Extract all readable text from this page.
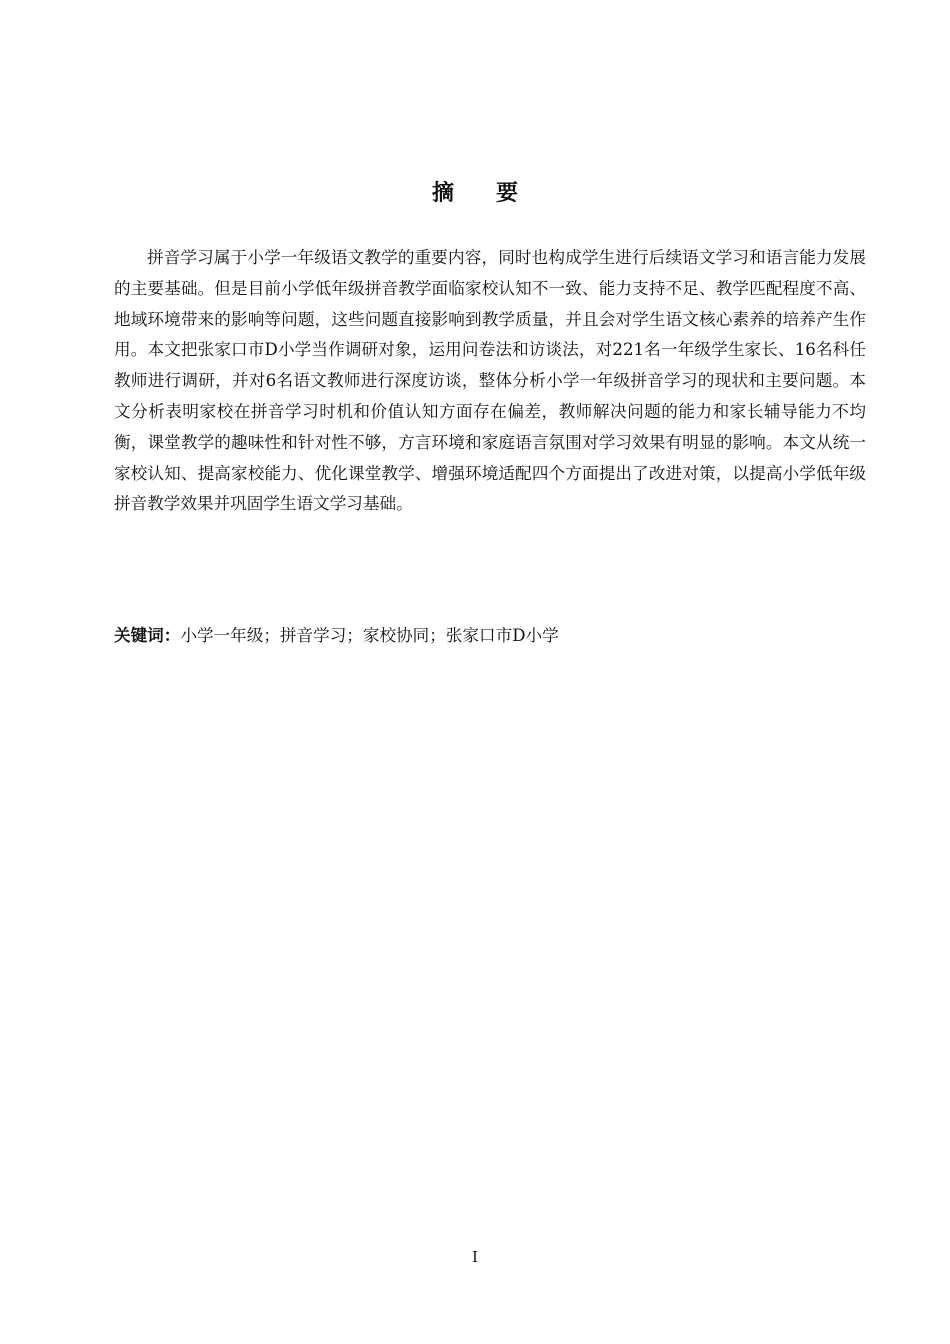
摘 要

拼音学习属于小学一年级语文教学的重要内容，同时也构成学生进行后续语文学习和语言能力发展的主要基础。但是目前小学低年级拼音教学面临家校认知不一致、能力支持不足、教学匹配程度不高、地域环境带来的影响等问题，这些问题直接影响到教学质量，并且会对学生语文核心素养的培养产生作用。本文把张家口市D小学当作调研对象，运用问卷法和访谈法，对221名一年级学生家长、16名科任教师进行调研，并对6名语文教师进行深度访谈，整体分析小学一年级拼音学习的现状和主要问题。本文分析表明家校在拼音学习时机和价值认知方面存在偏差，教师解决问题的能力和家长辅导能力不均衡，课堂教学的趣味性和针对性不够，方言环境和家庭语言氛围对学习效果有明显的影响。本文从统一家校认知、提高家校能力、优化课堂教学、增强环境适配四个方面提出了改进对策，以提高小学低年级拼音教学效果并巩固学生语文学习基础。

关键词：小学一年级；拼音学习；家校协同；张家口市D小学

I
